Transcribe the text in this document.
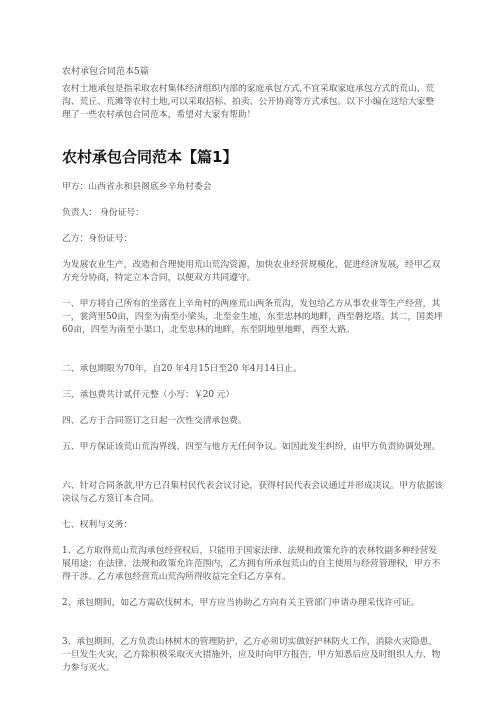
农村承包合同范本5篇
农村土地承包是指采取农村集体经济组织内部的家庭承包方式,不宜采取家庭承包方式的荒山、荒沟、荒丘、荒滩等农村土地,可以采取招标、拍卖、公开协商等方式承包。以下小编在这给大家整理了一些农村承包合同范本，希望对大家有帮助！
农村承包合同范本【篇1】

甲方：山西省永和县阁底乡辛角村委会

负责人： 身份证号：

乙方：身份证号：

为发展农业生产，改造和合理使用荒山荒沟资源，加快农业经营规模化，促进经济发展，经甲乙双方充分协商，特定立本合同，以便双方共同遵守。

一、甲方将自己所有的坐落在上辛角村的两座荒山两条荒沟，发包给乙方从事农业等生产经营，其一，裳湾里50亩，四至为南至小梁头，北至金生地，东至忠林的地畔，西至磐圪塔。其二，国类坪60亩，四至为南至小渠口，北至忠林的地畔，东至阴地里地畔，西至大路。

二、承包期限为70年，自20 年4月15日至20 年4月14日止。

三、承包费共计贰仟元整（小写：￥20 元）

四、乙方于合同签订之日起一次性交清承包费。

五、甲方保证该荒山荒沟界线、四至与他方无任何争议。如因此发生纠纷，由甲方负责协调处理。

六、针对合同条款,甲方已召集村民代表会议讨论，获得村民代表会议通过并形成决议。甲方依据该决议与乙方签订本合同。

七、权利与义务：

1、乙方取得荒山荒沟承包经营权后，只能用于国家法律、法规和政策允许的农林牧副多种经营发展用途；在法律、法规和政策允许范围内，乙方拥有所承包荒山的自主使用与经营管理权，甲方不得干涉。乙方承包经营荒山荒沟所得收益完全归乙方享有。

2、承包期间，如乙方需砍伐树木，甲方应当协助乙方向有关主管部门申请办理采伐许可证。

3、承包期间，乙方负责山林树木的管理防护，乙方必须切实做好护林防火工作，消除火灾隐患。一旦发生火灾，乙方除积极采取灭火措施外，应及时向甲方报告，甲方知悉后应及时组织人力、物力参与灭火。
